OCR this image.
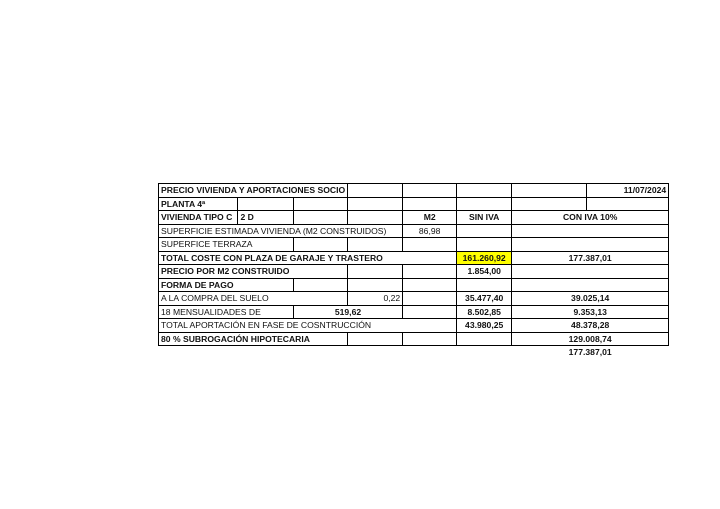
PRECIO VIVIENDA Y APORTACIONES SOCIO							11/07/2024
PLANTA 4ª							
VIVIENDA TIPO C	2 D			M2	SIN IVA	CON IVA 10%	
SUPERFICIE ESTIMADA VIVIENDA (M2 CONSTRUIDOS)				86,98			
SUPERFICE TERRAZA							
TOTAL COSTE CON PLAZA DE GARAJE Y TRASTERO					161.260,92	177.387,01	
PRECIO POR M2 CONSTRUIDO					1.854,00		
FORMA DE PAGO							
A LA COMPRA DEL SUELO			0,22		35.477,40	39.025,14	
18 MENSUALIDADES DE		519,62			8.502,85	9.353,13	
TOTAL APORTACIÓN EN FASE DE COSNTRUCCIÓN					43.980,25	48.378,28	
80 % SUBROGACIÓN HIPOTECARIA						129.008,74	
						177.387,01	
